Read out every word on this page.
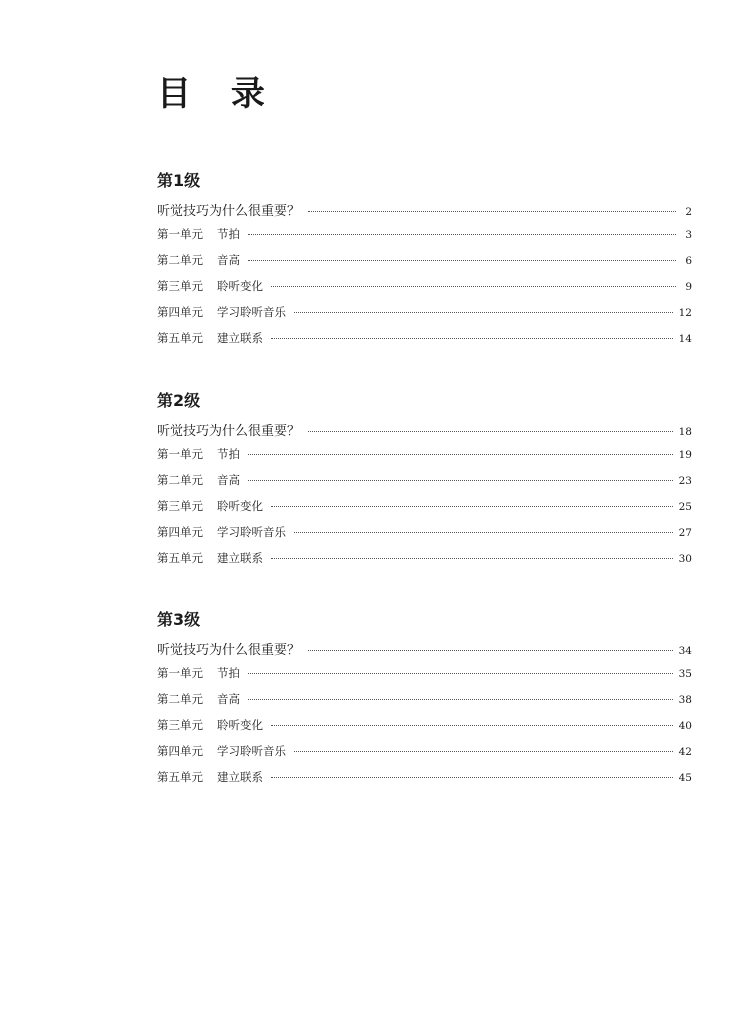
目 录
第1级
听觉技巧为什么很重要？	2
第一单元	节拍	3
第二单元	音高	6
第三单元	聆听变化	9
第四单元	学习聆听音乐	12
第五单元	建立联系	14
第2级
听觉技巧为什么很重要？	18
第一单元	节拍	19
第二单元	音高	23
第三单元	聆听变化	25
第四单元	学习聆听音乐	27
第五单元	建立联系	30
第3级
听觉技巧为什么很重要？	34
第一单元	节拍	35
第二单元	音高	38
第三单元	聆听变化	40
第四单元	学习聆听音乐	42
第五单元	建立联系	45
